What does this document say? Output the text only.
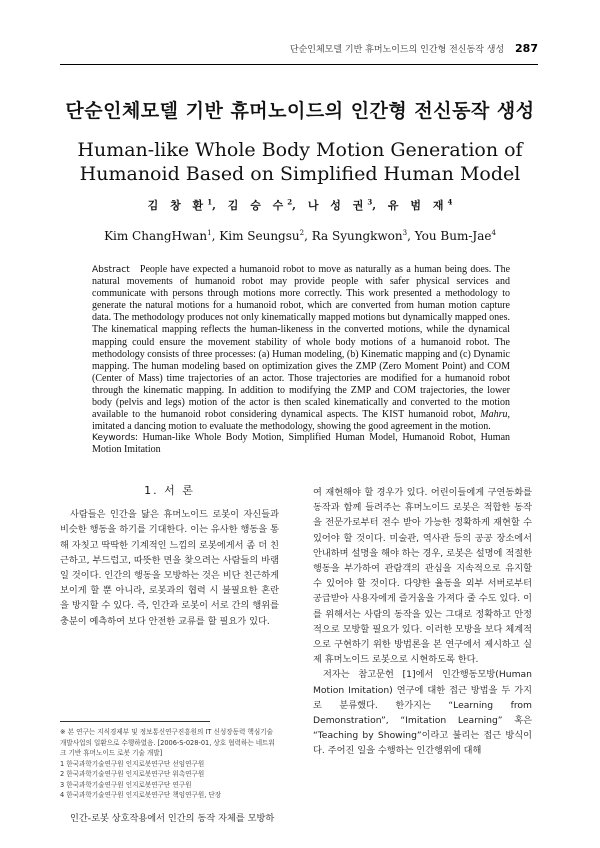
단순인체모델 기반 휴머노이드의 인간형 전신동작 생성 287
단순인체모델 기반 휴머노이드의 인간형 전신동작 생성
Human-like Whole Body Motion Generation of
Humanoid Based on Simplified Human Model
김 창 환$^1$, 김 승 수$^2$, 나 성 권$^3$, 유 범 재$^4$
Kim ChangHwan$^1$, Kim Seungsu$^2$, Ra Syungkwon$^3$, You Bum-Jae$^4$
Abstract People have expected a humanoid robot to move as naturally as a human being does. The natural movements of humanoid robot may provide people with safer physical services and communicate with persons through motions more correctly. This work presented a methodology to generate the natural motions for a humanoid robot, which are converted from human motion capture data. The methodology produces not only kinematically mapped motions but dynamically mapped ones. The kinematical mapping reflects the human-likeness in the converted motions, while the dynamical mapping could ensure the movement stability of whole body motions of a humanoid robot. The methodology consists of three processes: (a) Human modeling, (b) Kinematic mapping and (c) Dynamic mapping. The human modeling based on optimization gives the ZMP (Zero Moment Point) and COM (Center of Mass) time trajectories of an actor. Those trajectories are modified for a humanoid robot through the kinematic mapping. In addition to modifying the ZMP and COM trajectories, the lower body (pelvis and legs) motion of the actor is then scaled kinematically and converted to the motion available to the humanoid robot considering dynamical aspects. The KIST humanoid robot, Mahru, imitated a dancing motion to evaluate the methodology, showing the good agreement in the motion.
Keywords: Human-like Whole Body Motion, Simplified Human Model, Humanoid Robot, Human Motion Imitation
1. 서 론

사람들은 인간을 닮은 휴머노이드 로봇이 자신들과 비슷한 행동을 하기를 기대한다. 이는 유사한 행동을 통해 자칫고 딱딱한 기계적인 느낌의 로봇에게서 좀 더 친근하고, 부드럽고, 따뜻한 면을 찾으려는 사람들의 바램일 것이다. 인간의 행동을 모방하는 것은 비단 친근하게 보이게 할 뿐 아니라, 로봇과의 협력 시 불필요한 혼란을 방지할 수 있다. 즉, 인간과 로봇이 서로 간의 행위를 충분이 예측하여 보다 안전한 교류를 할 필요가 있다.

※ 본 연구는 지식경제부 및 정보통신연구진흥원의 IT 신성장동력 핵심기술 개발사업의 일환으로 수행하였음. [2006-S-028-01, 상호 협력하는 네트워크 기반 휴머노이드 로봇 기술 개발]
1 한국과학기술연구원 인지로봇연구단 선임연구원
2 한국과학기술연구원 인지로봇연구단 위촉연구원
3 한국과학기술연구원 인지로봇연구단 연구원
4 한국과학기술연구원 인지로봇연구단 책임연구원, 단장
인간-로봇 상호작용에서 인간의 동작 자체를 모방하

여 재현해야 할 경우가 있다. 어린이들에게 구연동화를 동작과 함께 들려주는 휴머노이드 로봇은 적합한 동작을 전문가로부터 전수 받아 가능한 정확하게 재현할 수 있어야 할 것이다. 미술관, 역사관 등의 공공 장소에서 안내하며 설명을 해야 하는 경우, 로봇은 설명에 적절한 행동을 부가하여 관람객의 관심을 지속적으로 유지할 수 있어야 할 것이다. 다양한 율동을 외부 서버로부터 공급받아 사용자에게 즐거움을 가져다 줄 수도 있다. 이를 위해서는 사람의 동작을 있는 그대로 정확하고 안정적으로 모방할 필요가 있다. 이러한 모방을 보다 체계적으로 구현하기 위한 방법론을 본 연구에서 제시하고 실제 휴머노이드 로봇으로 시현하도록 한다.

저자는 참고문헌 [1]에서 인간행동모방(Human Motion Imitation) 연구에 대한 접근 방법을 두 가지로 분류했다. 한가지는 “Learning from Demonstration”, “Imitation Learning” 혹은 “Teaching by Showing”이라고 불리는 접근 방식이다. 주어진 일을 수행하는 인간행위에 대해
